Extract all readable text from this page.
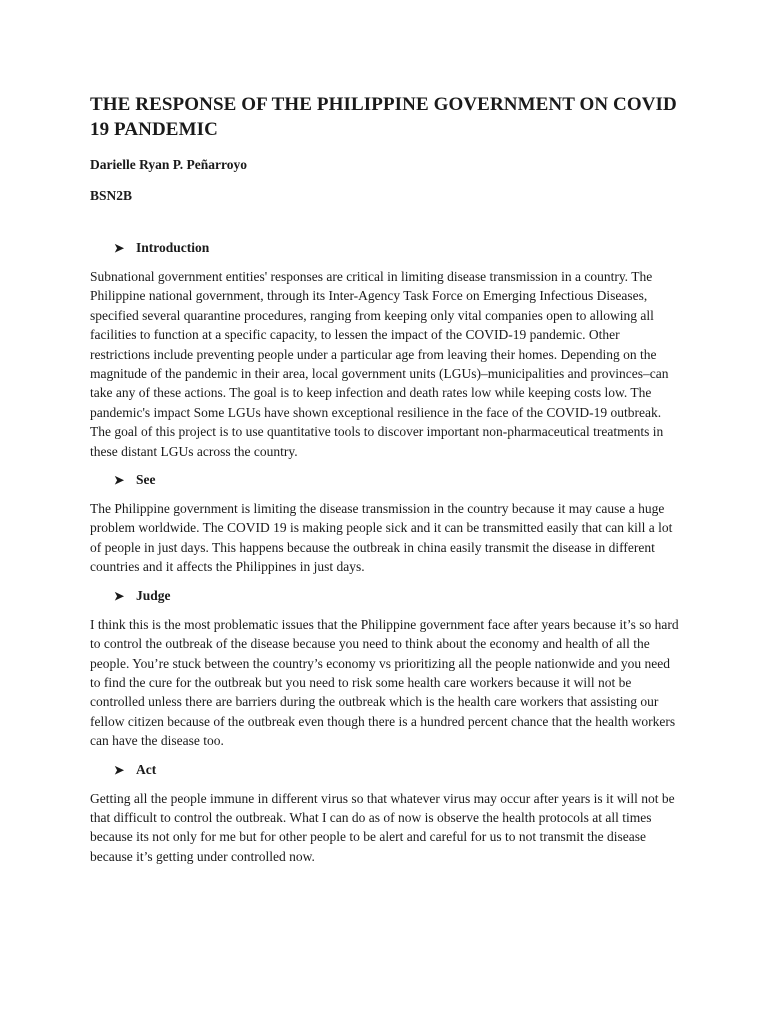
THE RESPONSE OF THE PHILIPPINE GOVERNMENT ON COVID 19 PANDEMIC
Darielle Ryan P. Peñarroyo
BSN2B
➤ Introduction

Subnational government entities' responses are critical in limiting disease transmission in a country. The Philippine national government, through its Inter-Agency Task Force on Emerging Infectious Diseases, specified several quarantine procedures, ranging from keeping only vital companies open to allowing all facilities to function at a specific capacity, to lessen the impact of the COVID-19 pandemic. Other restrictions include preventing people under a particular age from leaving their homes. Depending on the magnitude of the pandemic in their area, local government units (LGUs)–municipalities and provinces–can take any of these actions. The goal is to keep infection and death rates low while keeping costs low. The pandemic's impact Some LGUs have shown exceptional resilience in the face of the COVID-19 outbreak. The goal of this project is to use quantitative tools to discover important non-pharmaceutical treatments in these distant LGUs across the country.

➤ See

The Philippine government is limiting the disease transmission in the country because it may cause a huge problem worldwide. The COVID 19 is making people sick and it can be transmitted easily that can kill a lot of people in just days. This happens because the outbreak in china easily transmit the disease in different countries and it affects the Philippines in just days.

➤ Judge

I think this is the most problematic issues that the Philippine government face after years because it’s so hard to control the outbreak of the disease because you need to think about the economy and health of all the people. You’re stuck between the country’s economy vs prioritizing all the people nationwide and you need to find the cure for the outbreak but you need to risk some health care workers because it will not be controlled unless there are barriers during the outbreak which is the health care workers that assisting our fellow citizen because of the outbreak even though there is a hundred percent chance that the health workers can have the disease too.

➤ Act

Getting all the people immune in different virus so that whatever virus may occur after years is it will not be that difficult to control the outbreak. What I can do as of now is observe the health protocols at all times because its not only for me but for other people to be alert and careful for us to not transmit the disease because it’s getting under controlled now.
